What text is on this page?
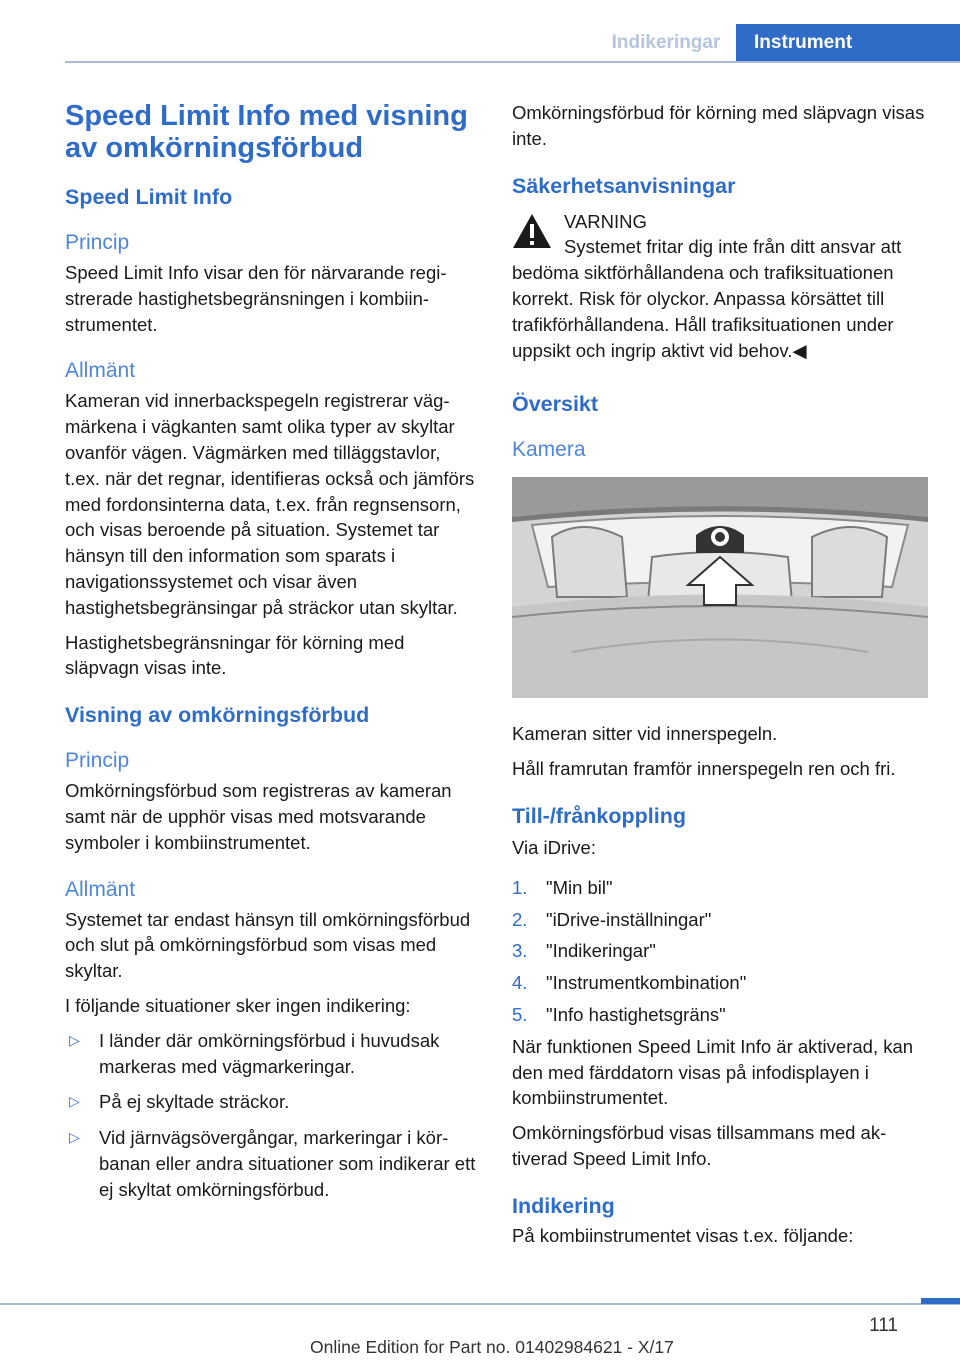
Indikeringar	Instrument
Speed Limit Info med visning av omkörningsförbud
Speed Limit Info
Princip

Speed Limit Info visar den för närvarande registrerade hastighetsbegränsningen i kombiinstrumentet.

Allmänt

Kameran vid innerbackspegeln registrerar vägmärkena i vägkanten samt olika typer av skyltar ovanför vägen. Vägmärken med tilläggstavlor, t.ex. när det regnar, identifieras också och jämförs med fordonsinterna data, t.ex. från regnsensorn, och visas beroende på situation. Systemet tar hänsyn till den information som sparats i navigationssystemet och visar även hastighetsbegränsingar på sträckor utan skyltar.

Hastighetsbegränsningar för körning med släpvagn visas inte.

Visning av omkörningsförbud
Princip

Omkörningsförbud som registreras av kameran samt när de upphör visas med motsvarande symboler i kombiinstrumentet.

Allmänt

Systemet tar endast hänsyn till omkörningsförbud och slut på omkörningsförbud som visas med skyltar.

I följande situationer sker ingen indikering:

▷ I länder där omkörningsförbud i huvudsak markeras med vägmarkeringar.
▷ På ej skyltade sträckor.
▷ Vid järnvägsövergångar, markeringar i körbanan eller andra situationer som indikerar ett ej skyltat omkörningsförbud.

Omkörningsförbud för körning med släpvagn visas inte.

Säkerhetsanvisningar
VARNING
Systemet fritar dig inte från ditt ansvar att bedöma siktförhållandena och trafiksituationen korrekt. Risk för olyckor. Anpassa körsättet till trafikförhållandena. Håll trafiksituationen under uppsikt och ingrip aktivt vid behov.◀
Översikt
Kamera

Kameran sitter vid innerspegeln.

Håll framrutan framför innerspegeln ren och fri.

Till-/frånkoppling

Via iDrive:

1. "Min bil"
2. "iDrive-inställningar"
3. "Indikeringar"
4. "Instrumentkombination"
5. "Info hastighetsgräns"

När funktionen Speed Limit Info är aktiverad, kan den med färddatorn visas på infodisplayen i kombiinstrumentet.

Omkörningsförbud visas tillsammans med aktiverad Speed Limit Info.

Indikering

På kombiinstrumentet visas t.ex. följande:

111
Online Edition for Part no. 01402984621 - X/17
